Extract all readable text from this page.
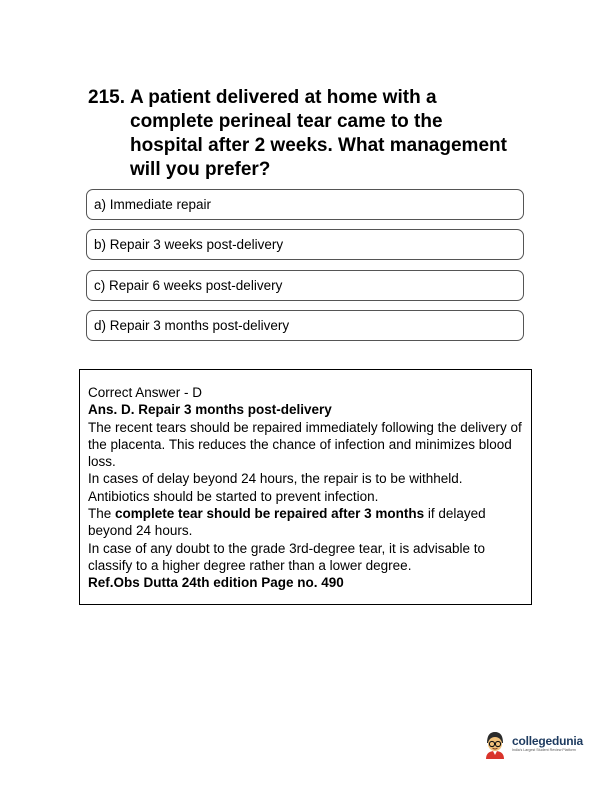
215. A patient delivered at home with a complete perineal tear came to the hospital after 2 weeks. What management will you prefer?
a) Immediate repair
b) Repair 3 weeks post-delivery
c) Repair 6 weeks post-delivery
d) Repair 3 months post-delivery

Correct Answer - D

Ans. D. Repair 3 months post-delivery

The recent tears should be repaired immediately following the delivery of the placenta. This reduces the chance of infection and minimizes blood loss.

In cases of delay beyond 24 hours, the repair is to be withheld. Antibiotics should be started to prevent infection.

The complete tear should be repaired after 3 months if delayed beyond 24 hours.

In case of any doubt to the grade 3rd-degree tear, it is advisable to classify to a higher degree rather than a lower degree.

Ref.Obs Dutta 24th edition Page no. 490

collegedunia
India's Largest Student Review Platform
